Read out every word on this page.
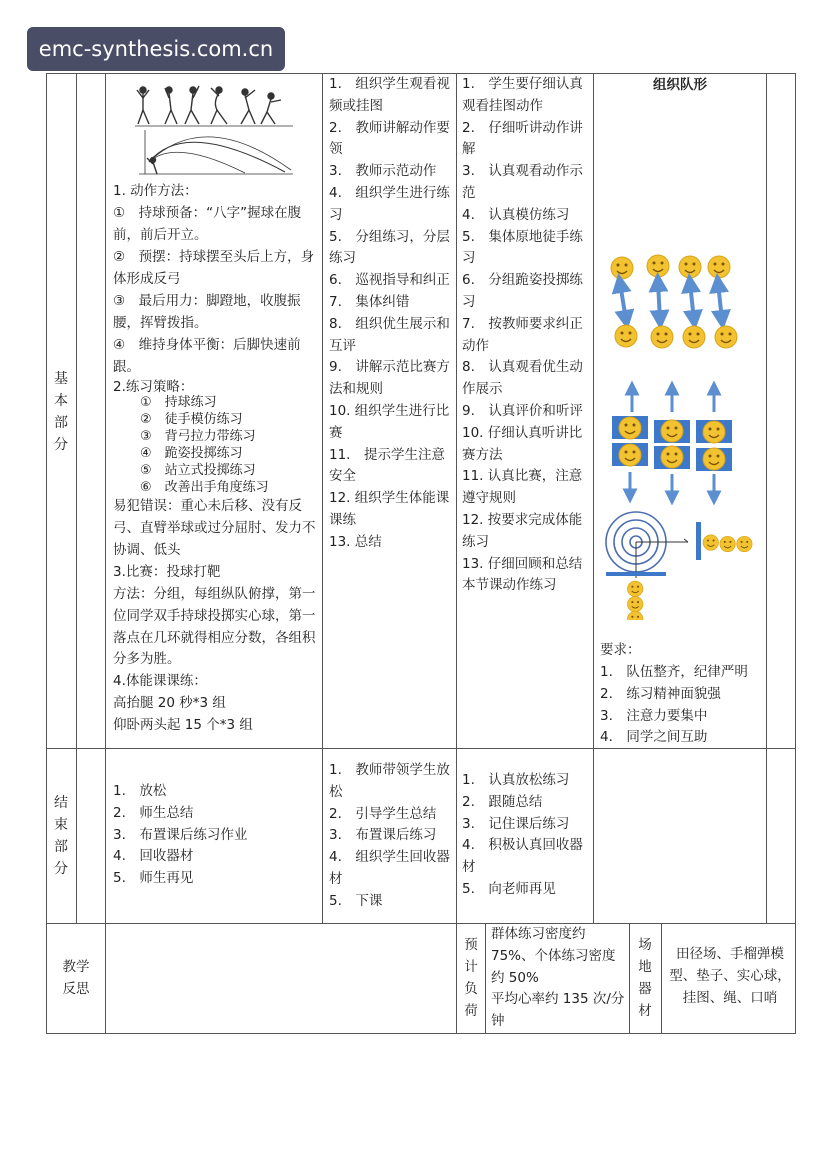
emc-synthesis.com.cn
基本部分
1. 动作方法：
①　持球预备：“八字”握球在腹前，前后开立。
②　预摆：持球摆至头后上方，身体形成反弓
③　最后用力：脚蹬地，收腹振腰，挥臂拨指。
④　维持身体平衡：后脚快速前跟。
2.练习策略：
①　持球练习
②　徒手模仿练习
③　背弓拉力带练习
④　跪姿投掷练习
⑤　站立式投掷练习
⑥　改善出手角度练习
易犯错误：重心未后移、没有反弓、直臂举球或过分屈肘、发力不协调、低头
3.比赛：投球打靶
方法：分组，每组纵队俯撑，第一位同学双手持球投掷实心球，第一落点在几环就得相应分数，各组积分多为胜。
4.体能课课练：
高抬腿 20 秒*3 组
仰卧两头起 15 个*3 组
1.　组织学生观看视频或挂图
2.　教师讲解动作要领
3.　教师示范动作
4.　组织学生进行练习
5.　分组练习，分层练习
6.　巡视指导和纠正
7.　集体纠错
8.　组织优生展示和互评
9.　讲解示范比赛方法和规则
10. 组织学生进行比赛
11.　提示学生注意安全
12. 组织学生体能课课练
13. 总结
1.　学生要仔细认真观看挂图动作
2.　仔细听讲动作讲解
3.　认真观看动作示范
4.　认真模仿练习
5.　集体原地徒手练习
6.　分组跪姿投掷练习
7.　按教师要求纠正动作
8.　认真观看优生动作展示
9.　认真评价和听评
10. 仔细认真听讲比赛方法
11. 认真比赛，注意遵守规则
12. 按要求完成体能练习
13. 仔细回顾和总结本节课动作练习
组织队形
要求：
1.　队伍整齐，纪律严明
2.　练习精神面貌强
3.　注意力要集中
4.　同学之间互助
结束部分
1.　放松
2.　师生总结
3.　布置课后练习作业
4.　回收器材
5.　师生再见
1.　教师带领学生放松
2.　引导学生总结
3.　布置课后练习
4.　组织学生回收器材
5.　下课
1.　认真放松练习
2.　跟随总结
3.　记住课后练习
4.　积极认真回收器材
5.　向老师再见
教学反思
预计负荷
群体练习密度约 75%、个体练习密度约 50%
平均心率约 135 次/分钟
场地器材
田径场、手榴弹模型、垫子、实心球，挂图、绳、口哨
